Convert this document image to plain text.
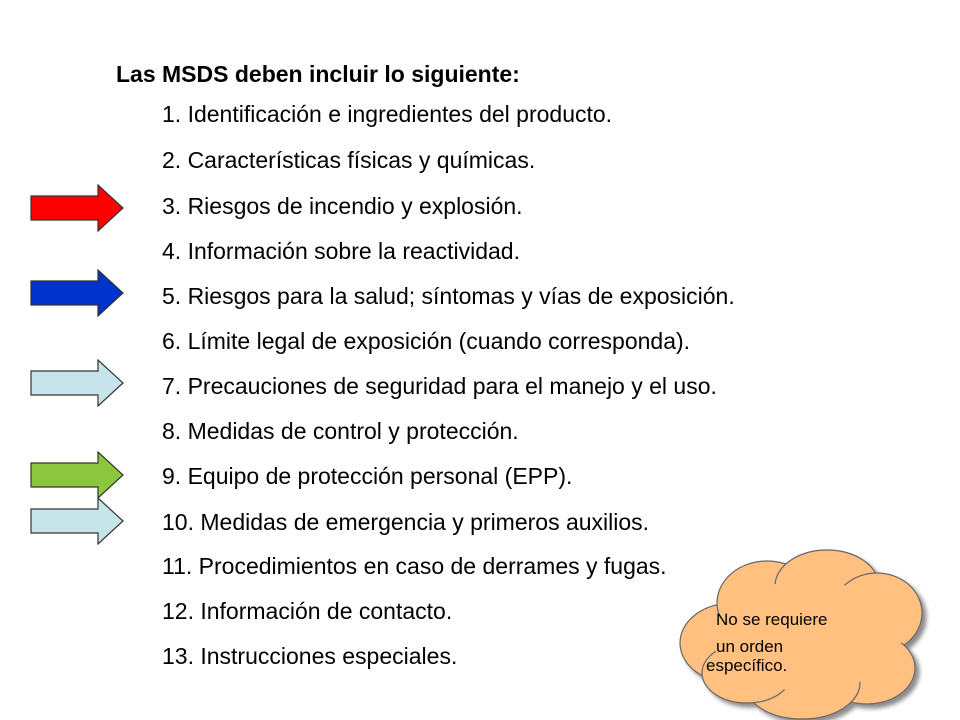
Las MSDS deben incluir lo siguiente:
1. Identificación e ingredientes del producto.
2. Características físicas y químicas.
3. Riesgos de incendio y explosión.
4. Información sobre la reactividad.
5. Riesgos para la salud; síntomas y vías de exposición.
6. Límite legal de exposición (cuando corresponda).
7. Precauciones de seguridad para el manejo y el uso.
8. Medidas de control y protección.
9. Equipo de protección personal (EPP).
10. Medidas de emergencia y primeros auxilios.
11. Procedimientos en caso de derrames y fugas.
12. Información de contacto.
13. Instrucciones especiales.
No se requiere
un orden
específico.
